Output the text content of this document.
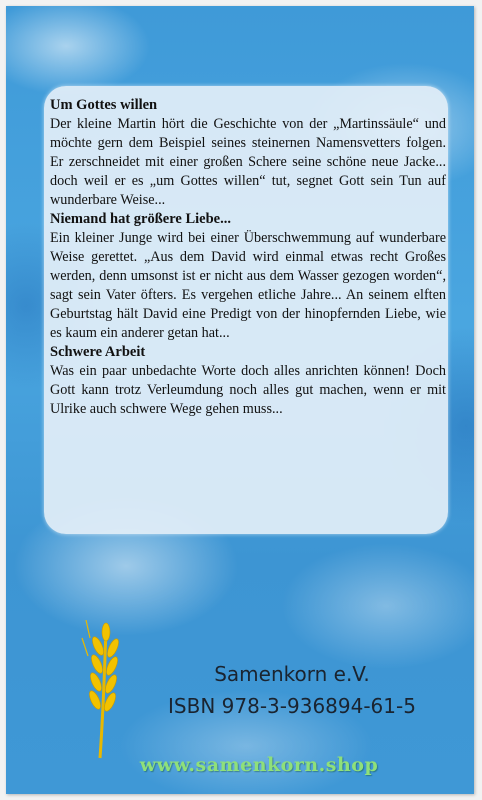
Um Gottes willen

Der kleine Martin hört die Geschichte von der „Martinssäule“ und möchte gern dem Beispiel seines steinernen Namensvetters folgen. Er zerschneidet mit einer großen Schere seine schöne neue Jacke... doch weil er es „um Gottes willen“ tut, segnet Gott sein Tun auf wunderbare Weise...

Niemand hat größere Liebe...

Ein kleiner Junge wird bei einer Überschwemmung auf wunderbare Weise gerettet. „Aus dem David wird einmal etwas recht Großes werden, denn umsonst ist er nicht aus dem Wasser gezogen worden“, sagt sein Vater öfters. Es vergehen etliche Jahre... An seinem elften Geburtstag hält David eine Predigt von der hinopfernden Liebe, wie es kaum ein anderer getan hat...

Schwere Arbeit

Was ein paar unbedachte Worte doch alles anrichten können! Doch Gott kann trotz Verleumdung noch alles gut machen, wenn er mit Ulrike auch schwere Wege gehen muss...

Samenkorn e.V.
ISBN 978-3-936894-61-5
www.samenkorn.shop
